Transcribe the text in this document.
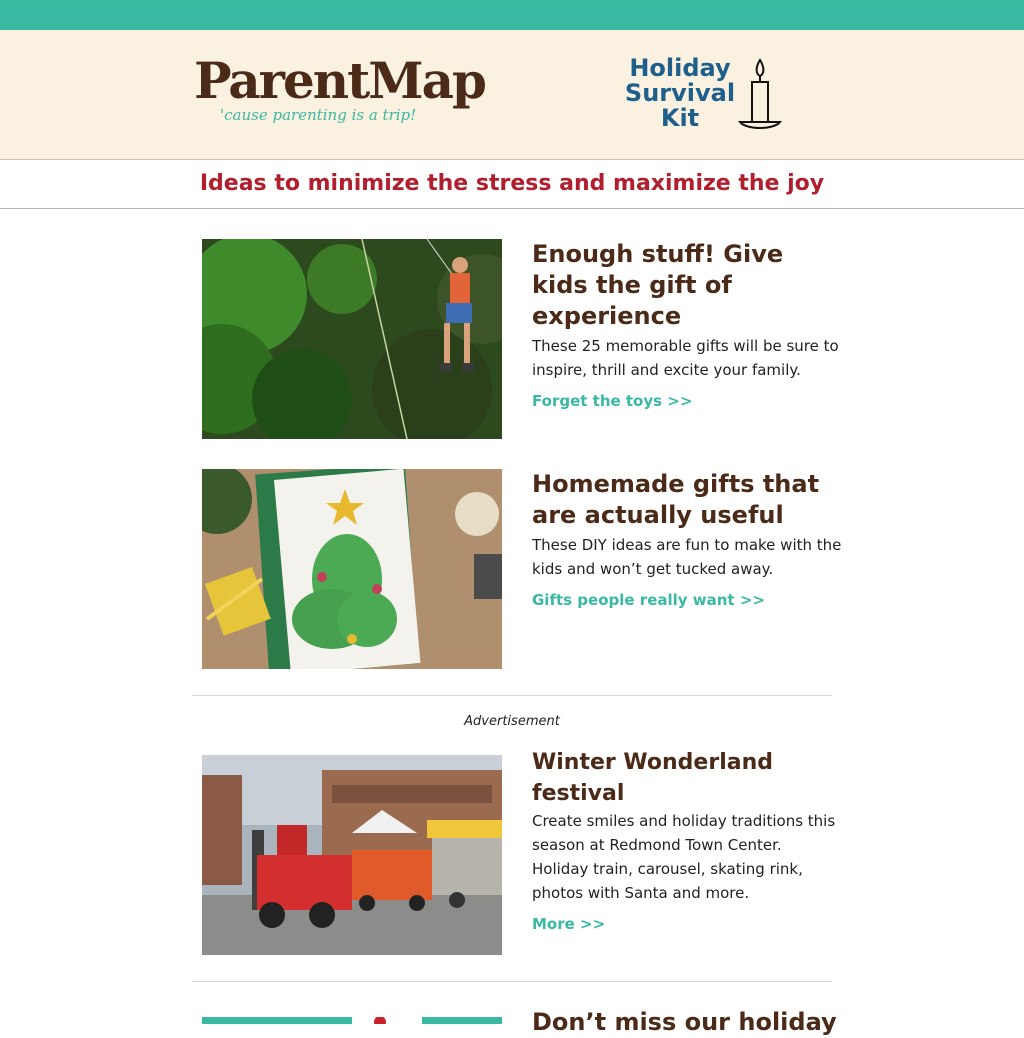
ParentMap
'cause parenting is a trip!
Holiday
Survival
Kit
Ideas to minimize the stress and maximize the joy
Enough stuff! Give kids the gift of experience
These 25 memorable gifts will be sure to inspire, thrill and excite your family.
Forget the toys >>
Homemade gifts that are actually useful
These DIY ideas are fun to make with the kids and won’t get tucked away.
Gifts people really want >>
Advertisement
Winter Wonderland festival
Create smiles and holiday traditions this season at Redmond Town Center. Holiday train, carousel, skating rink, photos with Santa and more.
More >>
Don’t miss our holiday
